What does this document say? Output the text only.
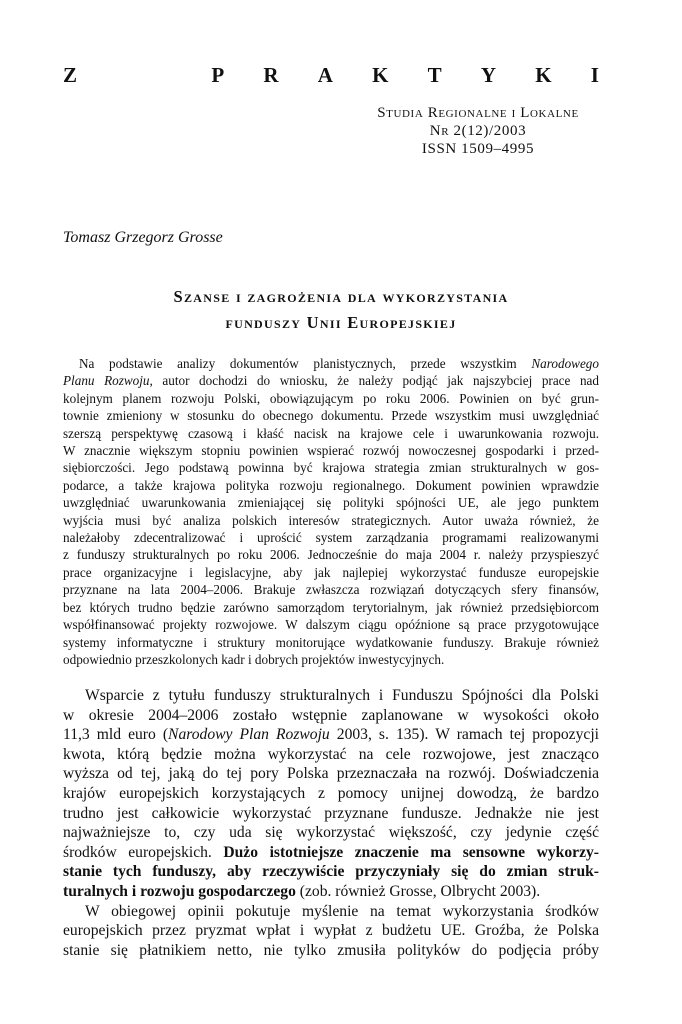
Z	P R A K T Y K I
Studia Regionalne i Lokalne
Nr 2(12)/2003
ISSN 1509–4995
Tomasz Grzegorz Grosse
Szanse i zagrożenia dla wykorzystania
funduszy Unii Europejskiej
Na podstawie analizy dokumentów planistycznych, przede wszystkim Narodowego
Planu Rozwoju, autor dochodzi do wniosku, że należy podjąć jak najszybciej prace nad
kolejnym planem rozwoju Polski, obowiązującym po roku 2006. Powinien on być grun-
townie zmieniony w stosunku do obecnego dokumentu. Przede wszystkim musi uwzględniać
szerszą perspektywę czasową i kłaść nacisk na krajowe cele i uwarunkowania rozwoju.
W znacznie większym stopniu powinien wspierać rozwój nowoczesnej gospodarki i przed-
siębiorczości. Jego podstawą powinna być krajowa strategia zmian strukturalnych w gos-
podarce, a także krajowa polityka rozwoju regionalnego. Dokument powinien wprawdzie
uwzględniać uwarunkowania zmieniającej się polityki spójności UE, ale jego punktem
wyjścia musi być analiza polskich interesów strategicznych. Autor uważa również, że
należałoby zdecentralizować i uprościć system zarządzania programami realizowanymi
z funduszy strukturalnych po roku 2006. Jednocześnie do maja 2004 r. należy przyspieszyć
prace organizacyjne i legislacyjne, aby jak najlepiej wykorzystać fundusze europejskie
przyznane na lata 2004–2006. Brakuje zwłaszcza rozwiązań dotyczących sfery finansów,
bez których trudno będzie zarówno samorządom terytorialnym, jak również przedsiębiorcom
współfinansować projekty rozwojowe. W dalszym ciągu opóźnione są prace przygotowujące
systemy informatyczne i struktury monitorujące wydatkowanie funduszy. Brakuje również
odpowiednio przeszkolonych kadr i dobrych projektów inwestycyjnych.
Wsparcie z tytułu funduszy strukturalnych i Funduszu Spójności dla Polski
w okresie 2004–2006 zostało wstępnie zaplanowane w wysokości około
11,3 mld euro (Narodowy Plan Rozwoju 2003, s. 135). W ramach tej propozycji
kwota, którą będzie można wykorzystać na cele rozwojowe, jest znacząco
wyższa od tej, jaką do tej pory Polska przeznaczała na rozwój. Doświadczenia
krajów europejskich korzystających z pomocy unijnej dowodzą, że bardzo
trudno jest całkowicie wykorzystać przyznane fundusze. Jednakże nie jest
najważniejsze to, czy uda się wykorzystać większość, czy jedynie część
środków europejskich. Dużo istotniejsze znaczenie ma sensowne wykorzy-
stanie tych funduszy, aby rzeczywiście przyczyniały się do zmian struk-
turalnych i rozwoju gospodarczego (zob. również Grosse, Olbrycht 2003).
W obiegowej opinii pokutuje myślenie na temat wykorzystania środków
europejskich przez pryzmat wpłat i wypłat z budżetu UE. Groźba, że Polska
stanie się płatnikiem netto, nie tylko zmusiła polityków do podjęcia próby
